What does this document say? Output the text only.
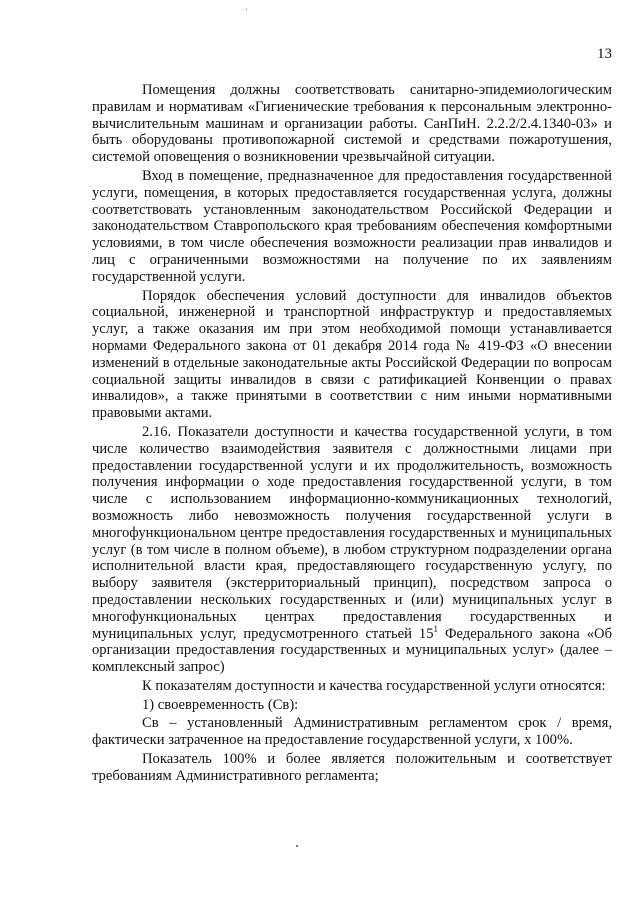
13

Помещения должны соответствовать санитарно-эпидемиологическим правилам и нормативам «Гигиенические требования к персональным электронно-вычислительным машинам и организации работы. СанПиН. 2.2.2/2.4.1340-03» и быть оборудованы противопожарной системой и средствами пожаротушения, системой оповещения о возникновении чрезвычайной ситуации.

Вход в помещение, предназначенное для предоставления государственной услуги, помещения, в которых предоставляется государственная услуга, должны соответствовать установленным законодательством Российской Федерации и законодательством Ставропольского края требованиям обеспечения комфортными условиями, в том числе обеспечения возможности реализации прав инвалидов и лиц с ограниченными возможностями на получение по их заявлениям государственной услуги.

Порядок обеспечения условий доступности для инвалидов объектов социальной, инженерной и транспортной инфраструктур и предоставляемых услуг, а также оказания им при этом необходимой помощи устанавливается нормами Федерального закона от 01 декабря 2014 года № 419-ФЗ «О внесении изменений в отдельные законодательные акты Российской Федерации по вопросам социальной защиты инвалидов в связи с ратификацией Конвенции о правах инвалидов», а также принятыми в соответствии с ним иными нормативными правовыми актами.

2.16. Показатели доступности и качества государственной услуги, в том числе количество взаимодействия заявителя с должностными лицами при предоставлении государственной услуги и их продолжительность, возможность получения информации о ходе предоставления государственной услуги, в том числе с использованием информационно-коммуникационных технологий, возможность либо невозможность получения государственной услуги в многофункциональном центре предоставления государственных и муниципальных услуг (в том числе в полном объеме), в любом структурном подразделении органа исполнительной власти края, предоставляющего государственную услугу, по выбору заявителя (экстерриториальный принцип), посредством запроса о предоставлении нескольких государственных и (или) муниципальных услуг в многофункциональных центрах предоставления государственных и муниципальных услуг, предусмотренного статьей $15^1$ Федерального закона «Об организации предоставления государственных и муниципальных услуг» (далее – комплексный запрос)

К показателям доступности и качества государственной услуги относятся:

1) своевременность (Св):

Св – установленный Административным регламентом срок / время, фактически затраченное на предоставление государственной услуги, х 100%.

Показатель 100% и более является положительным и соответствует требованиям Административного регламента;
